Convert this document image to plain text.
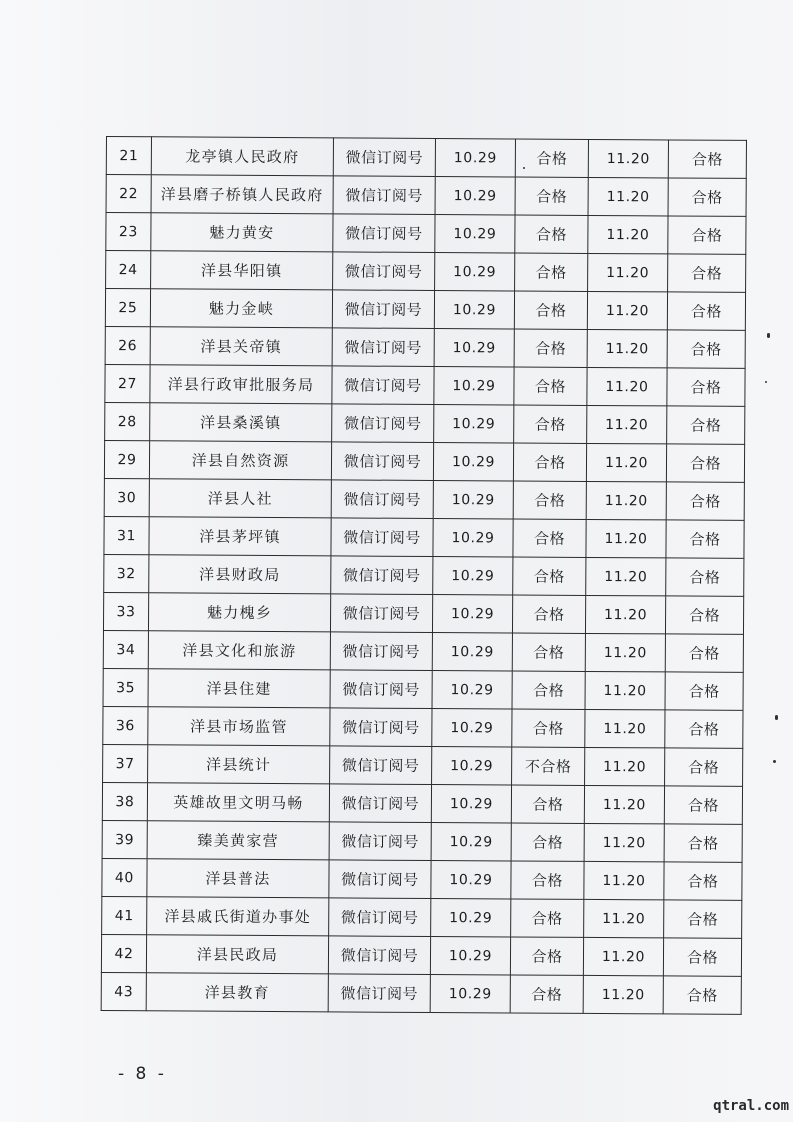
21	龙亭镇人民政府	微信订阅号	10.29	合格	11.20	合格
22	洋县磨子桥镇人民政府	微信订阅号	10.29	合格	11.20	合格
23	魅力黄安	微信订阅号	10.29	合格	11.20	合格
24	洋县华阳镇	微信订阅号	10.29	合格	11.20	合格
25	魅力金峡	微信订阅号	10.29	合格	11.20	合格
26	洋县关帝镇	微信订阅号	10.29	合格	11.20	合格
27	洋县行政审批服务局	微信订阅号	10.29	合格	11.20	合格
28	洋县桑溪镇	微信订阅号	10.29	合格	11.20	合格
29	洋县自然资源	微信订阅号	10.29	合格	11.20	合格
30	洋县人社	微信订阅号	10.29	合格	11.20	合格
31	洋县茅坪镇	微信订阅号	10.29	合格	11.20	合格
32	洋县财政局	微信订阅号	10.29	合格	11.20	合格
33	魅力槐乡	微信订阅号	10.29	合格	11.20	合格
34	洋县文化和旅游	微信订阅号	10.29	合格	11.20	合格
35	洋县住建	微信订阅号	10.29	合格	11.20	合格
36	洋县市场监管	微信订阅号	10.29	合格	11.20	合格
37	洋县统计	微信订阅号	10.29	不合格	11.20	合格
38	英雄故里文明马畅	微信订阅号	10.29	合格	11.20	合格
39	臻美黄家营	微信订阅号	10.29	合格	11.20	合格
40	洋县普法	微信订阅号	10.29	合格	11.20	合格
41	洋县戚氏街道办事处	微信订阅号	10.29	合格	11.20	合格
42	洋县民政局	微信订阅号	10.29	合格	11.20	合格
43	洋县教育	微信订阅号	10.29	合格	11.20	合格
- 8 -
qtral.com
